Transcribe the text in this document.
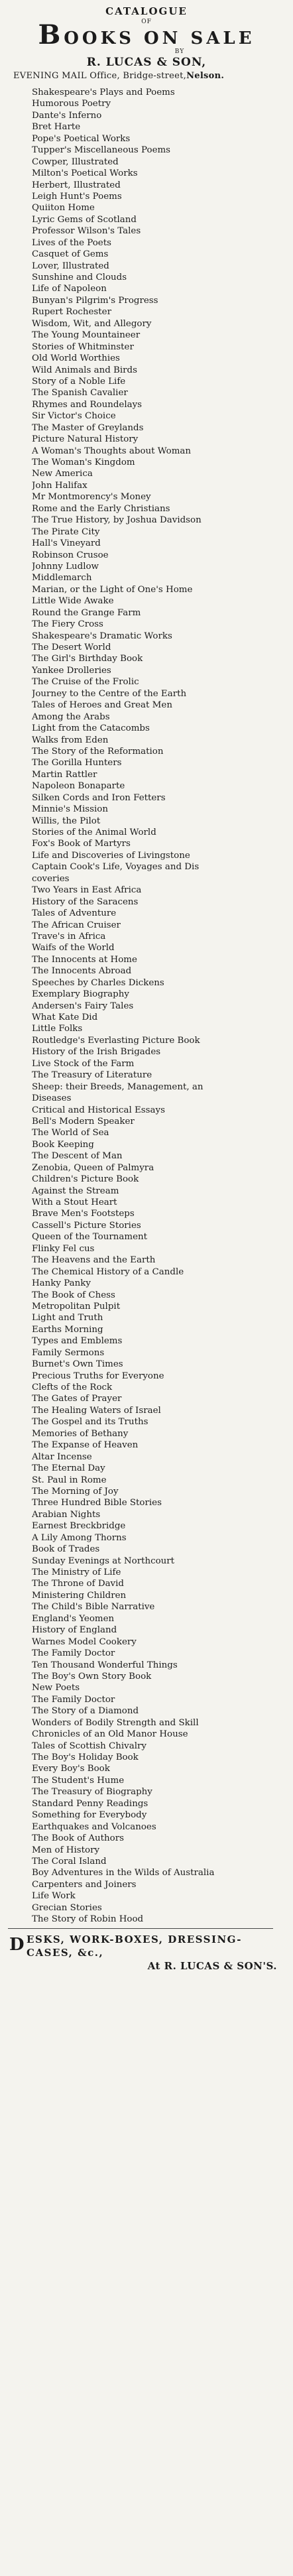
CATALOGUE
OF
BOOKS ON SALE
BY
R. LUCAS & SON,
EVENING MAIL Office, Bridge-street,Nelson.
Shakespeare's Plays and Poems
Humorous Poetry
Dante's Inferno
Bret Harte
Pope's Poetical Works
Tupper's Miscellaneous Poems
Cowper, Illustrated
Milton's Poetical Works
Herbert, Illustrated
Leigh Hunt's Poems
Quiiton Home
Lyric Gems of Scotland
Professor Wilson's Tales
Lives of the Poets
Casquet of Gems
Lover, Illustrated
Sunshine and Clouds
Life of Napoleon
Bunyan's Pilgrim's Progress
Rupert Rochester
Wisdom, Wit, and Allegory
The Young Mountaineer
Stories of Whitminster
Old World Worthies
Wild Animals and Birds
Story of a Noble Life
The Spanish Cavalier
Rhymes and Roundelays
Sir Victor's Choice
The Master of Greylands
Picture Natural History
A Woman's Thoughts about Woman
The Woman's Kingdom
New America
John Halifax
Mr Montmorency's Money
Rome and the Early Christians
The True History, by Joshua Davidson
The Pirate City
Hall's Vineyard
Robinson Crusoe
Johnny Ludlow
Middlemarch
Marian, or the Light of One's Home
Little Wide Awake
Round the Grange Farm
The Fiery Cross
Shakespeare's Dramatic Works
The Desert World
The Girl's Birthday Book
Yankee Drolleries
The Cruise of the Frolic
Journey to the Centre of the Earth
Tales of Heroes and Great Men
Among the Arabs
Light from the Catacombs
Walks from Eden
The Story of the Reformation
The Gorilla Hunters
Martin Rattler
Napoleon Bonaparte
Silken Cords and Iron Fetters
Minnie's Mission
Willis, the Pilot
Stories of the Animal World
Fox's Book of Martyrs
Life and Discoveries of Livingstone
Captain Cook's Life, Voyages and Dis
coveries
Two Years in East Africa
History of the Saracens
Tales of Adventure
The African Cruiser
Trave's in Africa
Waifs of the World
The Innocents at Home
The Innocents Abroad
Speeches by Charles Dickens
Exemplary Biography
Andersen's Fairy Tales
What Kate Did
Little Folks
Routledge's Everlasting Picture Book
History of the Irish Brigades
Live Stock of the Farm
The Treasury of Literature
Sheep: their Breeds, Management, an
Diseases
Critical and Historical Essays
Bell's Modern Speaker
The World of Sea
Book Keeping
The Descent of Man
Zenobia, Queen of Palmyra
Children's Picture Book
Against the Stream
With a Stout Heart
Brave Men's Footsteps
Cassell's Picture Stories
Queen of the Tournament
Flinky Fel cus
The Heavens and the Earth
The Chemical History of a Candle
Hanky Panky
The Book of Chess
Metropolitan Pulpit
Light and Truth
Earths Morning
Types and Emblems
Family Sermons
Burnet's Own Times
Precious Truths for Everyone
Clefts of the Rock
The Gates of Prayer
The Healing Waters of Israel
The Gospel and its Truths
Memories of Bethany
The Expanse of Heaven
Altar Incense
The Eternal Day
St. Paul in Rome
The Morning of Joy
Three Hundred Bible Stories
Arabian Nights
Earnest Breckbridge
A Lily Among Thorns
Book of Trades
Sunday Evenings at Northcourt
The Ministry of Life
The Throne of David
Ministering Children
The Child's Bible Narrative
England's Yeomen
History of England
Warnes Model Cookery
The Family Doctor
Ten Thousand Wonderful Things
The Boy's Own Story Book
New Poets
The Family Doctor
The Story of a Diamond
Wonders of Bodily Strength and Skill
Chronicles of an Old Manor House
Tales of Scottish Chivalry
The Boy's Holiday Book
Every Boy's Book
The Student's Hume
The Treasury of Biography
Standard Penny Readings
Something for Everybody
Earthquakes and Volcanoes
The Book of Authors
Men of History
The Coral Island
Boy Adventures in the Wilds of Australia
Carpenters and Joiners
Life Work
Grecian Stories
The Story of Robin Hood
D ESKS, WORK-BOXES, DRESSING-
CASES, &c.,
At R. LUCAS & SON'S.
